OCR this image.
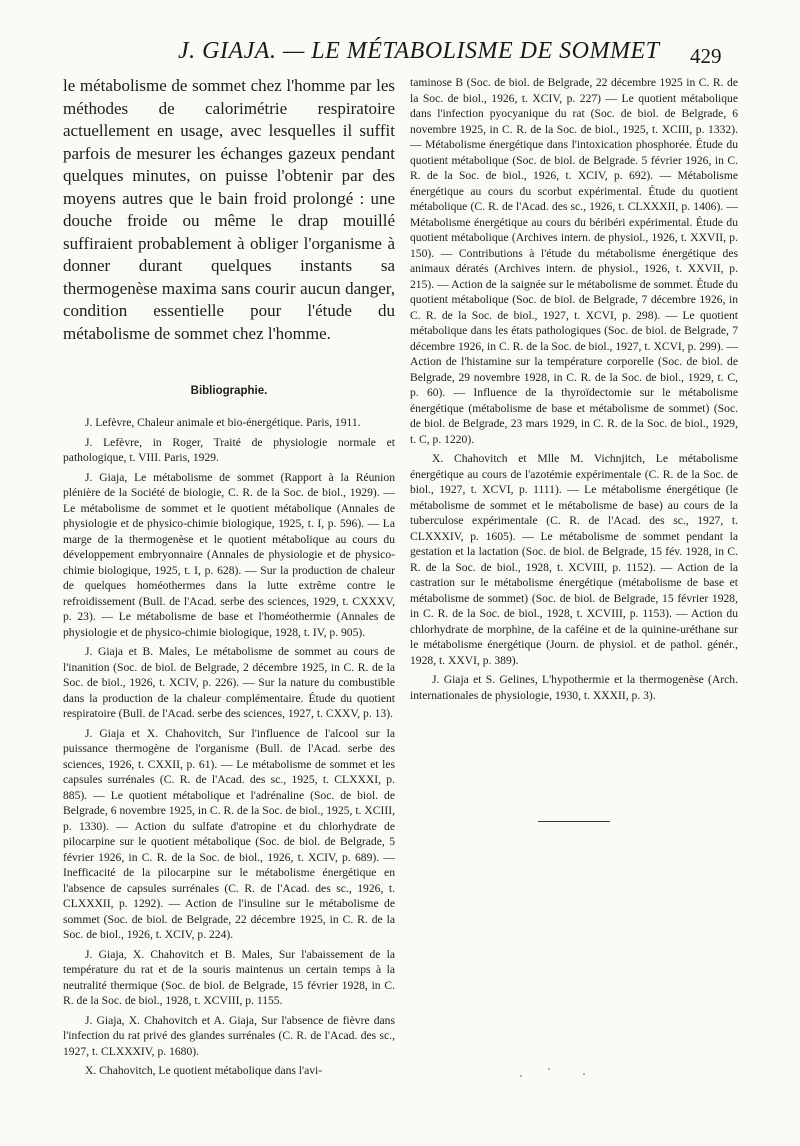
J. GIAJA. — LE MÉTABOLISME DE SOMMET 429

le métabolisme de sommet chez l'homme par les méthodes de calorimétrie respiratoire actuellement en usage, avec lesquelles il suffit parfois de mesurer les échanges gazeux pendant quelques minutes, on puisse l'obtenir par des moyens autres que le bain froid prolongé : une douche froide ou même le drap mouillé suffiraient probablement à obliger l'organisme à donner durant quelques instants sa thermogenèse maxima sans courir aucun danger, condition essentielle pour l'étude du métabolisme de sommet chez l'homme.

Bibliographie.

J. Lefèvre, Chaleur animale et bio-énergétique. Paris, 1911.

J. Lefèvre, in Roger, Traité de physiologie normale et pathologique, t. VIII. Paris, 1929.

J. Giaja, Le métabolisme de sommet (Rapport à la Réunion plénière de la Société de biologie, C. R. de la Soc. de biol., 1929). — Le métabolisme de sommet et le quotient métabolique (Annales de physiologie et de physico-chimie biologique, 1925, t. I, p. 596). — La marge de la thermogenèse et le quotient métabolique au cours du développement embryonnaire (Annales de physiologie et de physico-chimie biologique, 1925, t. I, p. 628). — Sur la production de chaleur de quelques homéothermes dans la lutte extrême contre le refroidissement (Bull. de l'Acad. serbe des sciences, 1929, t. CXXXV, p. 23). — Le métabolisme de base et l'homéothermie (Annales de physiologie et de physico-chimie biologique, 1928, t. IV, p. 905).

J. Giaja et B. Males, Le métabolisme de sommet au cours de l'inanition (Soc. de biol. de Belgrade, 2 décembre 1925, in C. R. de la Soc. de biol., 1926, t. XCIV, p. 226). — Sur la nature du combustible dans la production de la chaleur complémentaire. Étude du quotient respiratoire (Bull. de l'Acad. serbe des sciences, 1927, t. CXXV, p. 13).

J. Giaja et X. Chahovitch, Sur l'influence de l'alcool sur la puissance thermogène de l'organisme (Bull. de l'Acad. serbe des sciences, 1926, t. CXXII, p. 61). — Le métabolisme de sommet et les capsules surrénales (C. R. de l'Acad. des sc., 1925, t. CLXXXI, p. 885). — Le quotient métabolique et l'adrénaline (Soc. de biol. de Belgrade, 6 novembre 1925, in C. R. de la Soc. de biol., 1925, t. XCIII, p. 1330). — Action du sulfate d'atropine et du chlorhydrate de pilocarpine sur le quotient métabolique (Soc. de biol. de Belgrade, 5 février 1926, in C. R. de la Soc. de biol., 1926, t. XCIV, p. 689). — Inefficacité de la pilocarpine sur le métabolisme énergétique en l'absence de capsules surrénales (C. R. de l'Acad. des sc., 1926, t. CLXXXII, p. 1292). — Action de l'insuline sur le métabolisme de sommet (Soc. de biol. de Belgrade, 22 décembre 1925, in C. R. de la Soc. de biol., 1926, t. XCIV, p. 224).

J. Giaja, X. Chahovitch et B. Males, Sur l'abaissement de la température du rat et de la souris maintenus un certain temps à la neutralité thermique (Soc. de biol. de Belgrade, 15 février 1928, in C. R. de la Soc. de biol., 1928, t. XCVIII, p. 1155.

J. Giaja, X. Chahovitch et A. Giaja, Sur l'absence de fièvre dans l'infection du rat privé des glandes surrénales (C. R. de l'Acad. des sc., 1927, t. CLXXXIV, p. 1680).

X. Chahovitch, Le quotient métabolique dans l'avi-

taminose B (Soc. de biol. de Belgrade, 22 décembre 1925 in C. R. de la Soc. de biol., 1926, t. XCIV, p. 227) — Le quotient métabolique dans l'infection pyocyanique du rat (Soc. de biol. de Belgrade, 6 novembre 1925, in C. R. de la Soc. de biol., 1925, t. XCIII, p. 1332). — Métabolisme énergétique dans l'intoxication phosphorée. Étude du quotient métabolique (Soc. de biol. de Belgrade. 5 février 1926, in C. R. de la Soc. de biol., 1926, t. XCIV, p. 692). — Métabolisme énergétique au cours du scorbut expérimental. Étude du quotient métabolique (C. R. de l'Acad. des sc., 1926, t. CLXXXII, p. 1406). — Métabolisme énergétique au cours du béribéri expérimental. Étude du quotient métabolique (Archives intern. de physiol., 1926, t. XXVII, p. 150). — Contributions à l'étude du métabolisme énergétique des animaux dératés (Archives intern. de physiol., 1926, t. XXVII, p. 215). — Action de la saignée sur le métabolisme de sommet. Étude du quotient métabolique (Soc. de biol. de Belgrade, 7 décembre 1926, in C. R. de la Soc. de biol., 1927, t. XCVI, p. 298). — Le quotient métabolique dans les états pathologiques (Soc. de biol. de Belgrade, 7 décembre 1926, in C. R. de la Soc. de biol., 1927, t. XCVI, p. 299). — Action de l'histamine sur la température corporelle (Soc. de biol. de Belgrade, 29 novembre 1928, in C. R. de la Soc. de biol., 1929, t. C, p. 60). — Influence de la thyroïdectomie sur le métabolisme énergétique (métabolisme de base et métabolisme de sommet) (Soc. de biol. de Belgrade, 23 mars 1929, in C. R. de la Soc. de biol., 1929, t. C, p. 1220).

X. Chahovitch et Mlle M. Vichnjitch, Le métabolisme énergétique au cours de l'azotémie expérimentale (C. R. de la Soc. de biol., 1927, t. XCVI, p. 1111). — Le métabolisme énergétique (le métabolisme de sommet et le métabolisme de base) au cours de la tuberculose expérimentale (C. R. de l'Acad. des sc., 1927, t. CLXXXIV, p. 1605). — Le métabolisme de sommet pendant la gestation et la lactation (Soc. de biol. de Belgrade, 15 fév. 1928, in C. R. de la Soc. de biol., 1928, t. XCVIII, p. 1152). — Action de la castration sur le métabolisme énergétique (métabolisme de base et métabolisme de sommet) (Soc. de biol. de Belgrade, 15 février 1928, in C. R. de la Soc. de biol., 1928, t. XCVIII, p. 1153). — Action du chlorhydrate de morphine, de la caféine et de la quinine-uréthane sur le métabolisme énergétique (Journ. de physiol. et de pathol. génér., 1928, t. XXVI, p. 389).

J. Giaja et S. Gelines, L'hypothermie et la thermogenèse (Arch. internationales de physiologie, 1930, t. XXXII, p. 3).
